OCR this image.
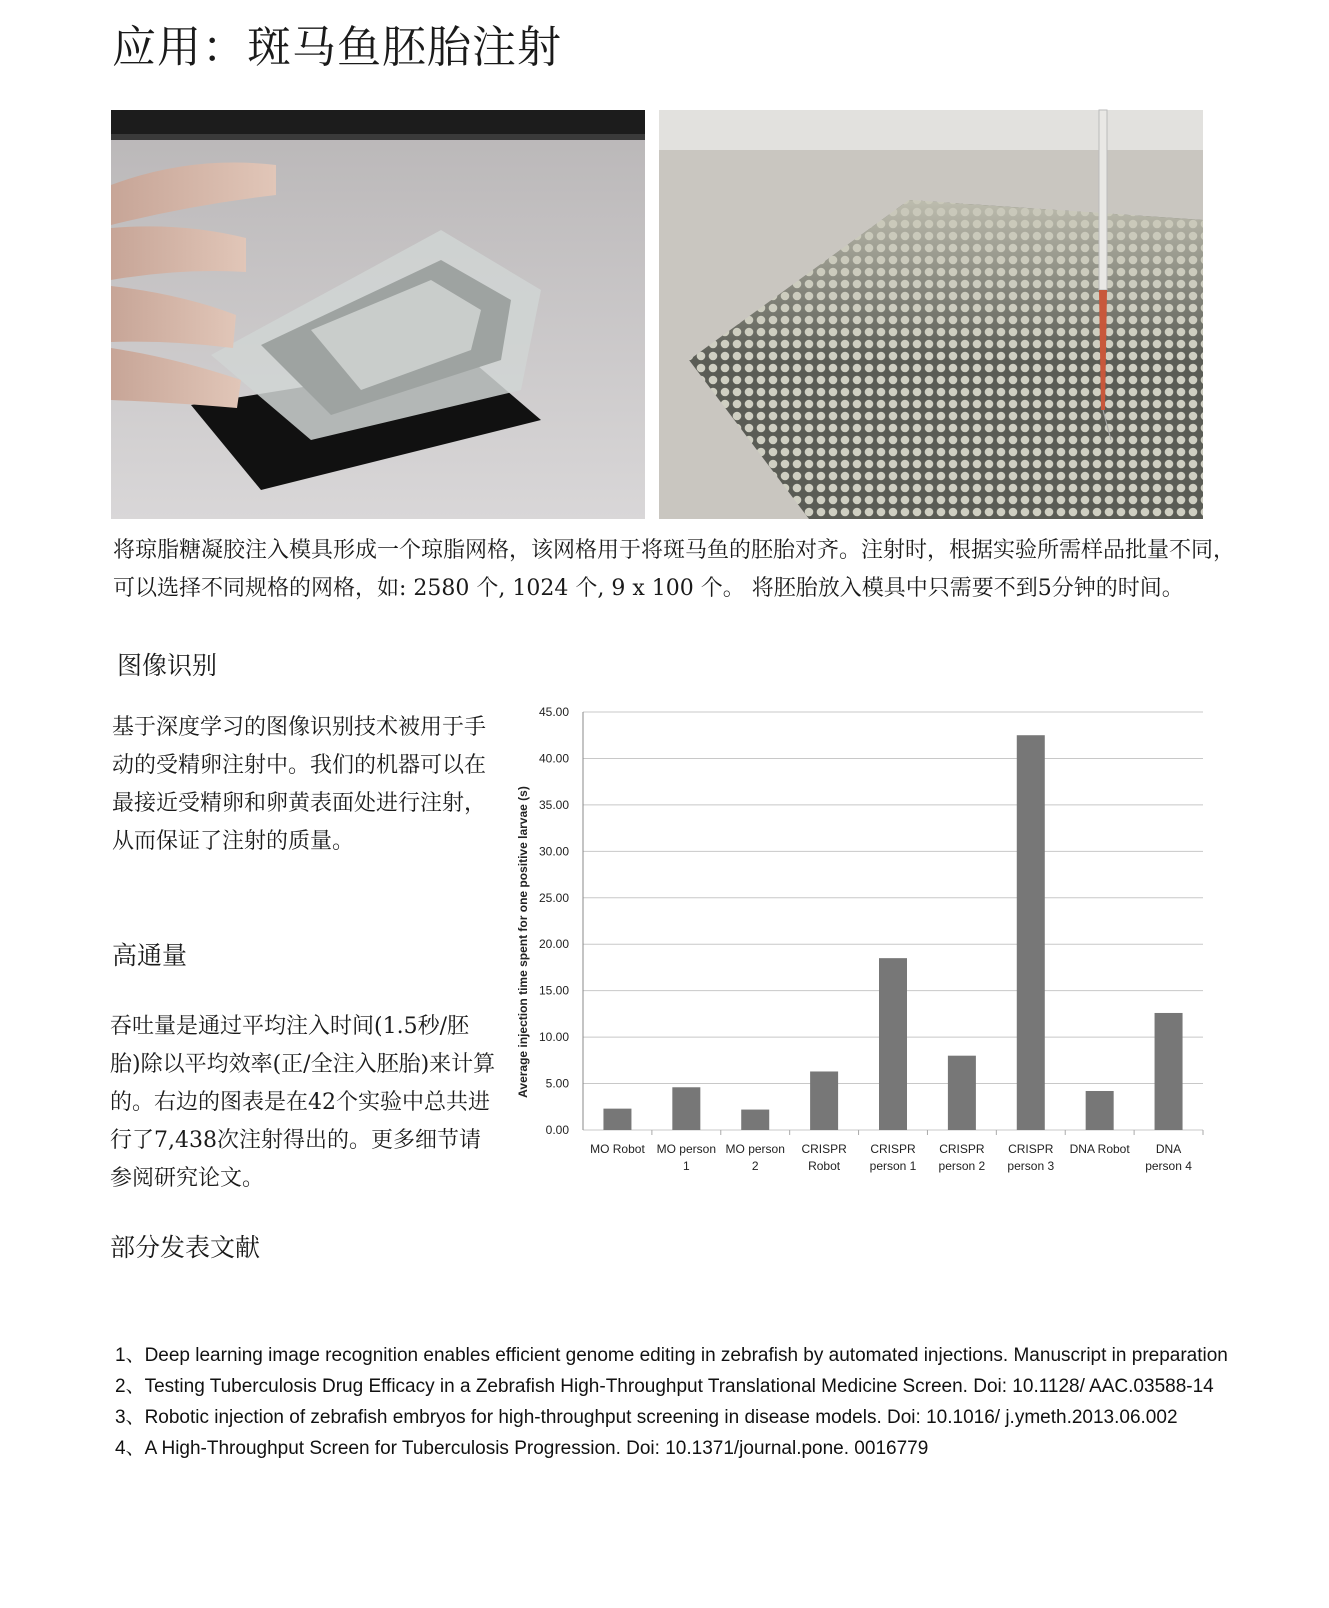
应用：斑马鱼胚胎注射

将琼脂糖凝胶注入模具形成一个琼脂网格，该网格用于将斑马鱼的胚胎对齐。注射时，根据实验所需样品批量不同，可以选择不同规格的网格，如: 2580 个, 1024 个, 9 x 100 个。 将胚胎放入模具中只需要不到5分钟的时间。

图像识别

基于深度学习的图像识别技术被用于手动的受精卵注射中。我们的机器可以在最接近受精卵和卵黄表面处进行注射，从而保证了注射的质量。

高通量

吞吐量是通过平均注入时间(1.5秒/胚胎)除以平均效率(正/全注入胚胎)来计算的。右边的图表是在42个实验中总共进行了7,438次注射得出的。更多细节请参阅研究论文。

0.00
5.00
10.00
15.00
20.00
25.00
30.00
35.00
40.00
45.00
MO Robot MO person 1
MO person 2
CRISPR Robot
CRISPR person 1
CRISPR person 2
CRISPR person 3
DNA Robot	DNA person 4
Average injection time spent for one positive larvae (s)
部分发表文献
1、Deep learning image recognition enables efficient genome editing in zebrafish by automated injections. Manuscript in preparation
2、Testing Tuberculosis Drug Efficacy in a Zebrafish High-Throughput Translational Medicine Screen. Doi: 10.1128/ AAC.03588-14
3、Robotic injection of zebrafish embryos for high-throughput screening in disease models. Doi: 10.1016/ j.ymeth.2013.06.002
4、A High-Throughput Screen for Tuberculosis Progression. Doi: 10.1371/journal.pone. 0016779
